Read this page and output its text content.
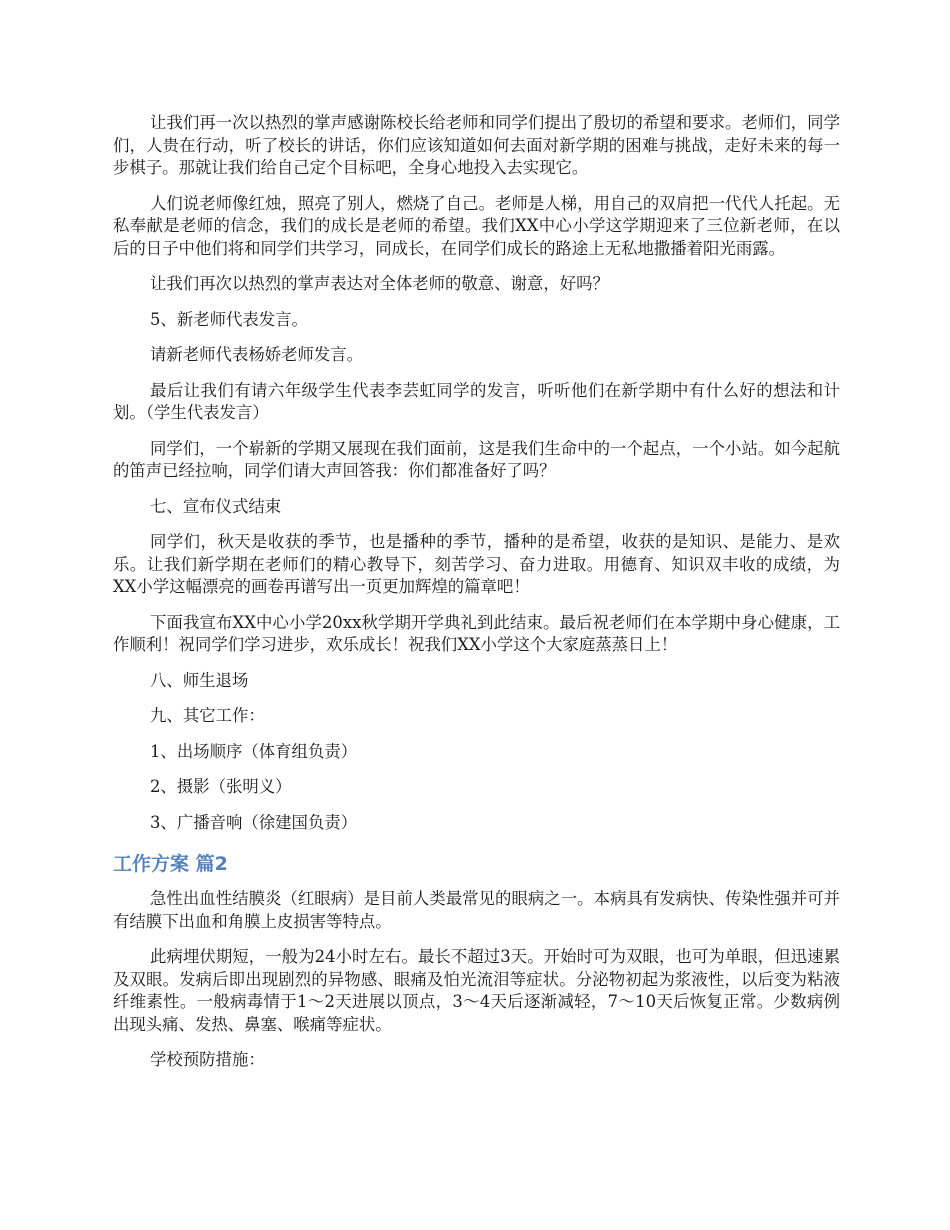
让我们再一次以热烈的掌声感谢陈校长给老师和同学们提出了殷切的希望和要求。老师们，同学们，人贵在行动，听了校长的讲话，你们应该知道如何去面对新学期的困难与挑战，走好未来的每一步棋子。那就让我们给自己定个目标吧，全身心地投入去实现它。

人们说老师像红烛，照亮了别人，燃烧了自己。老师是人梯，用自己的双肩把一代代人托起。无私奉献是老师的信念，我们的成长是老师的希望。我们XX中心小学这学期迎来了三位新老师，在以后的日子中他们将和同学们共学习，同成长，在同学们成长的路途上无私地撒播着阳光雨露。

让我们再次以热烈的掌声表达对全体老师的敬意、谢意，好吗？

5、新老师代表发言。

请新老师代表杨娇老师发言。

最后让我们有请六年级学生代表李芸虹同学的发言，听听他们在新学期中有什么好的想法和计划。（学生代表发言）

同学们，一个崭新的学期又展现在我们面前，这是我们生命中的一个起点，一个小站。如今起航的笛声已经拉响，同学们请大声回答我：你们都准备好了吗？

七、宣布仪式结束

同学们，秋天是收获的季节，也是播种的季节，播种的是希望，收获的是知识、是能力、是欢乐。让我们新学期在老师们的精心教导下，刻苦学习、奋力进取。用德育、知识双丰收的成绩，为XX小学这幅漂亮的画卷再谱写出一页更加辉煌的篇章吧！

下面我宣布XX中心小学20xx秋学期开学典礼到此结束。最后祝老师们在本学期中身心健康，工作顺利！祝同学们学习进步，欢乐成长！祝我们XX小学这个大家庭蒸蒸日上！

八、师生退场

九、其它工作：

1、出场顺序（体育组负责）

2、摄影（张明义）

3、广播音响（徐建国负责）

工作方案 篇2

急性出血性结膜炎（红眼病）是目前人类最常见的眼病之一。本病具有发病快、传染性强并可并有结膜下出血和角膜上皮损害等特点。

此病埋伏期短，一般为24小时左右。最长不超过3天。开始时可为双眼，也可为单眼，但迅速累及双眼。发病后即出现剧烈的异物感、眼痛及怕光流泪等症状。分泌物初起为浆液性，以后变为粘液纤维素性。一般病毒情于1～2天进展以顶点，3～4天后逐渐减轻，7～10天后恢复正常。少数病例出现头痛、发热、鼻塞、喉痛等症状。

学校预防措施：
